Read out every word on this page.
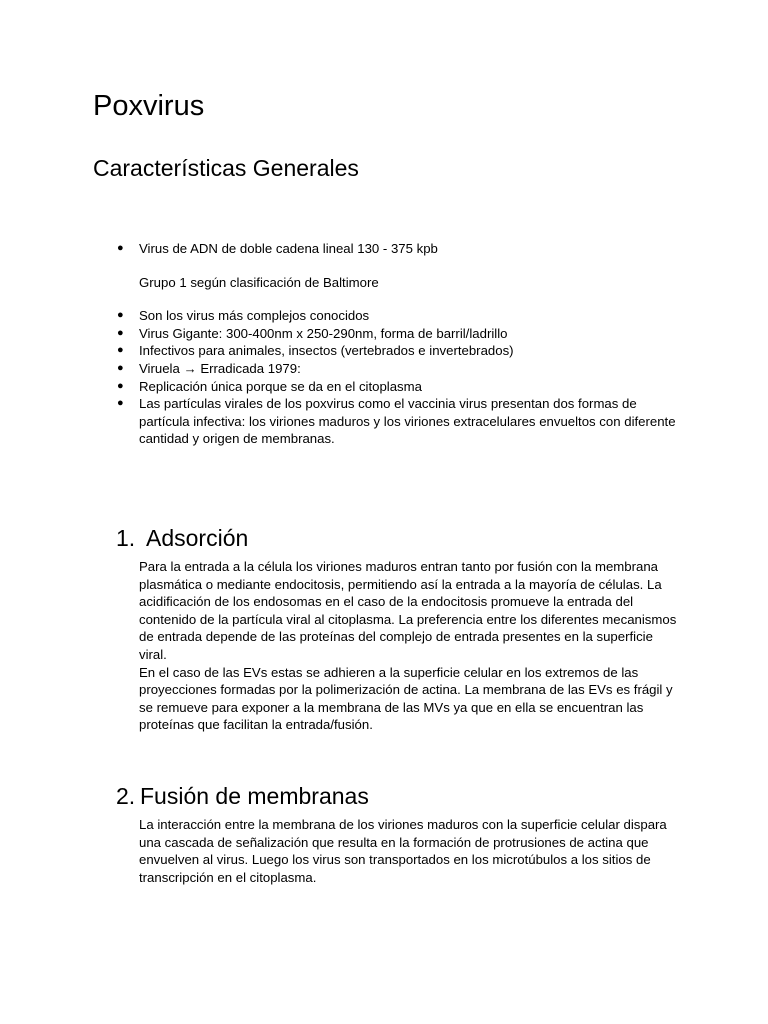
Poxvirus
Características Generales
● Virus de ADN de doble cadena lineal 130 - 375 kpb
Grupo 1 según clasificación de Baltimore
● Son los virus más complejos conocidos
● Virus Gigante: 300-400nm x 250-290nm, forma de barril/ladrillo
● Infectivos para animales, insectos (vertebrados e invertebrados)
● Viruela → Erradicada 1979:
● Replicación única porque se da en el citoplasma
● Las partículas virales de los poxvirus como el vaccinia virus presentan dos formas de partícula infectiva: los viriones maduros y los viriones extracelulares envueltos con diferente cantidad y origen de membranas.
1. Adsorción

Para la entrada a la célula los viriones maduros entran tanto por fusión con la membrana plasmática o mediante endocitosis, permitiendo así la entrada a la mayoría de células. La acidificación de los endosomas en el caso de la endocitosis promueve la entrada del contenido de la partícula viral al citoplasma. La preferencia entre los diferentes mecanismos de entrada depende de las proteínas del complejo de entrada presentes en la superficie viral.

En el caso de las EVs estas se adhieren a la superficie celular en los extremos de las proyecciones formadas por la polimerización de actina. La membrana de las EVs es frágil y se remueve para exponer a la membrana de las MVs ya que en ella se encuentran las proteínas que facilitan la entrada/fusión.

2. Fusión de membranas

La interacción entre la membrana de los viriones maduros con la superficie celular dispara una cascada de señalización que resulta en la formación de protrusiones de actina que envuelven al virus. Luego los virus son transportados en los microtúbulos a los sitios de transcripción en el citoplasma.
